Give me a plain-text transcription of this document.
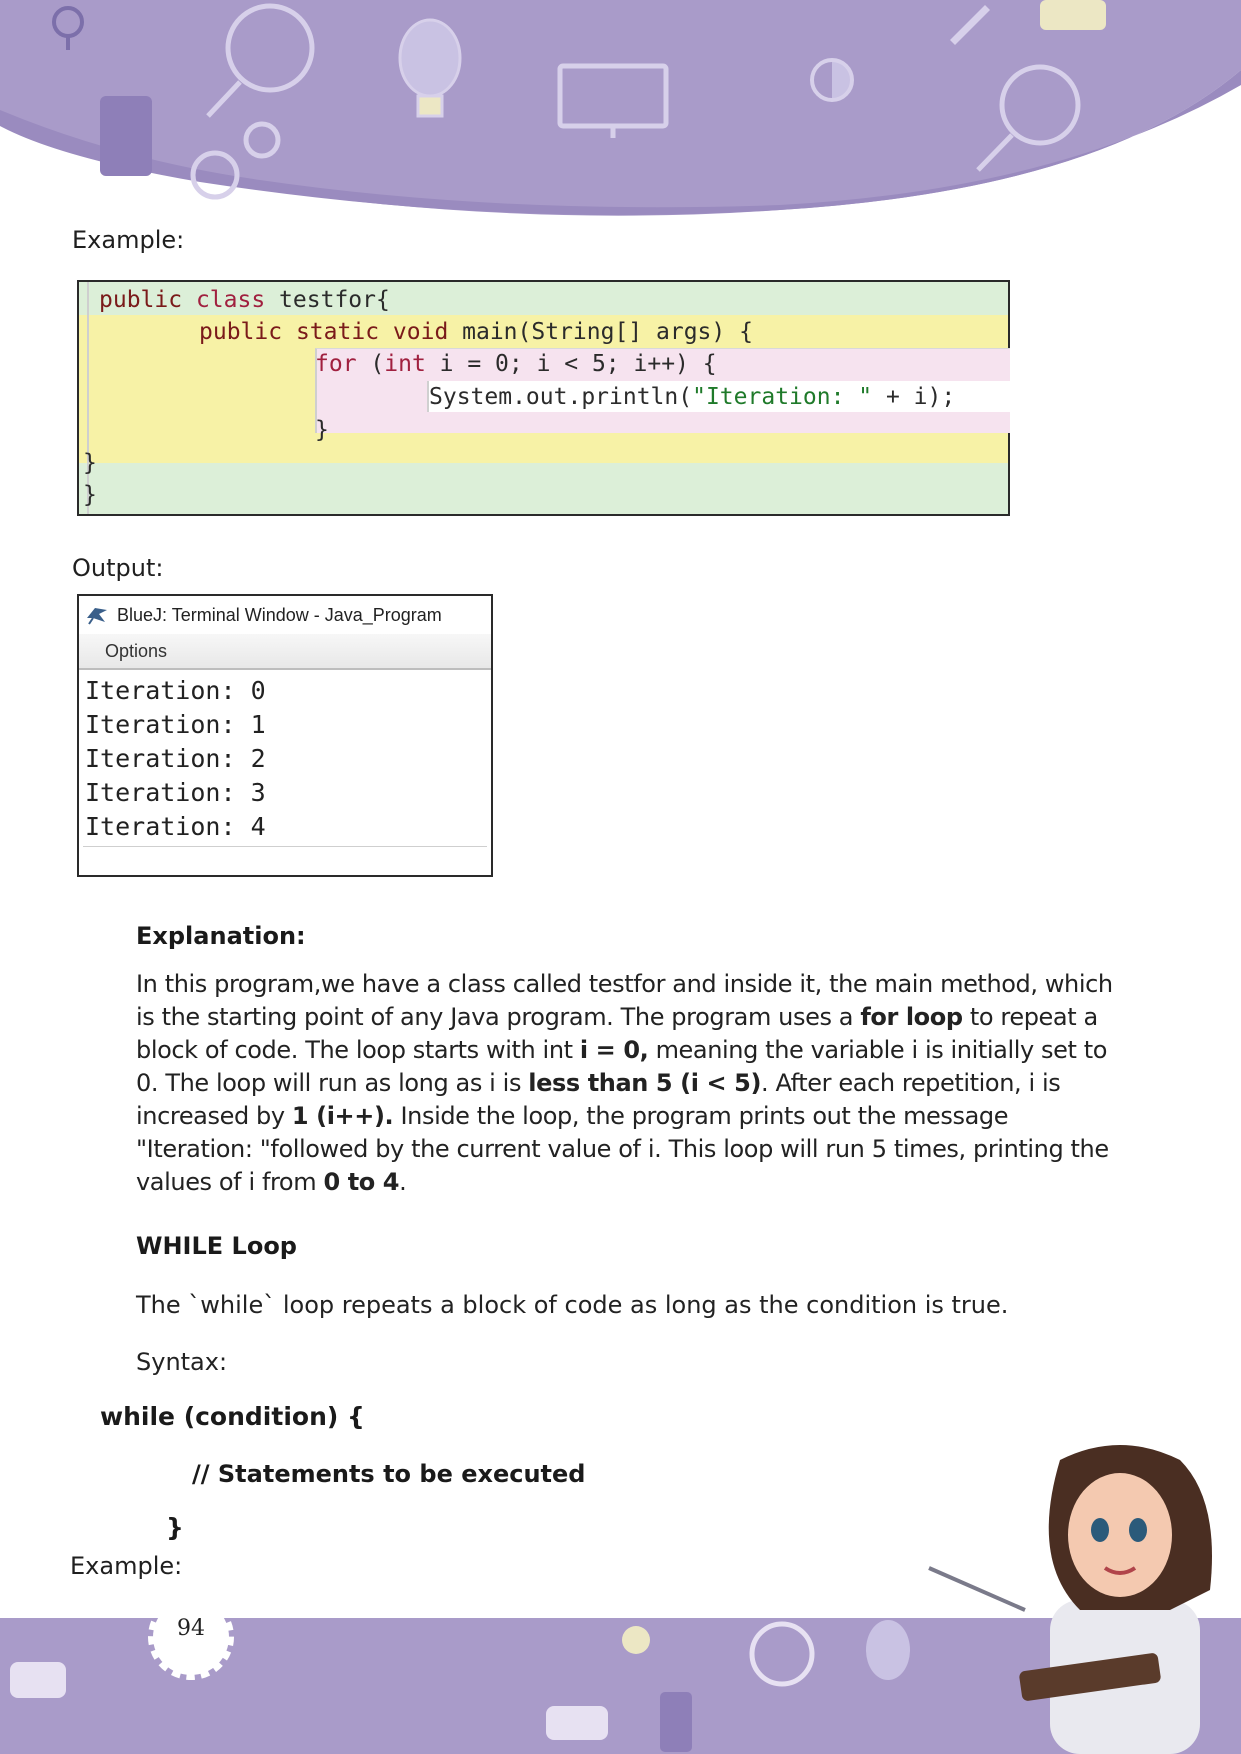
Example:
public class testfor{
public static void main(String[] args) {
for (int i = 0; i < 5; i++) {
System.out.println("Iteration: " + i);
}
}
}
Output:
BlueJ: Terminal Window - Java_Program
Options
Iteration: 0
Iteration: 1
Iteration: 2
Iteration: 3
Iteration: 4
Explanation:
In this program,we have a class called testfor and inside it, the main method, which is the starting point of any Java program. The program uses a for loop to repeat a block of code. The loop starts with int i = 0, meaning the variable i is initially set to 0. The loop will run as long as i is less than 5 (i < 5). After each repetition, i is increased by 1 (i++). Inside the loop, the program prints out the message "Iteration: "followed by the current value of i. This loop will run 5 times, printing the values of i from 0 to 4.
WHILE Loop
The `while` loop repeats a block of code as long as the condition is true.
Syntax:
while (condition) {
// Statements to be executed
}
Example:
94
